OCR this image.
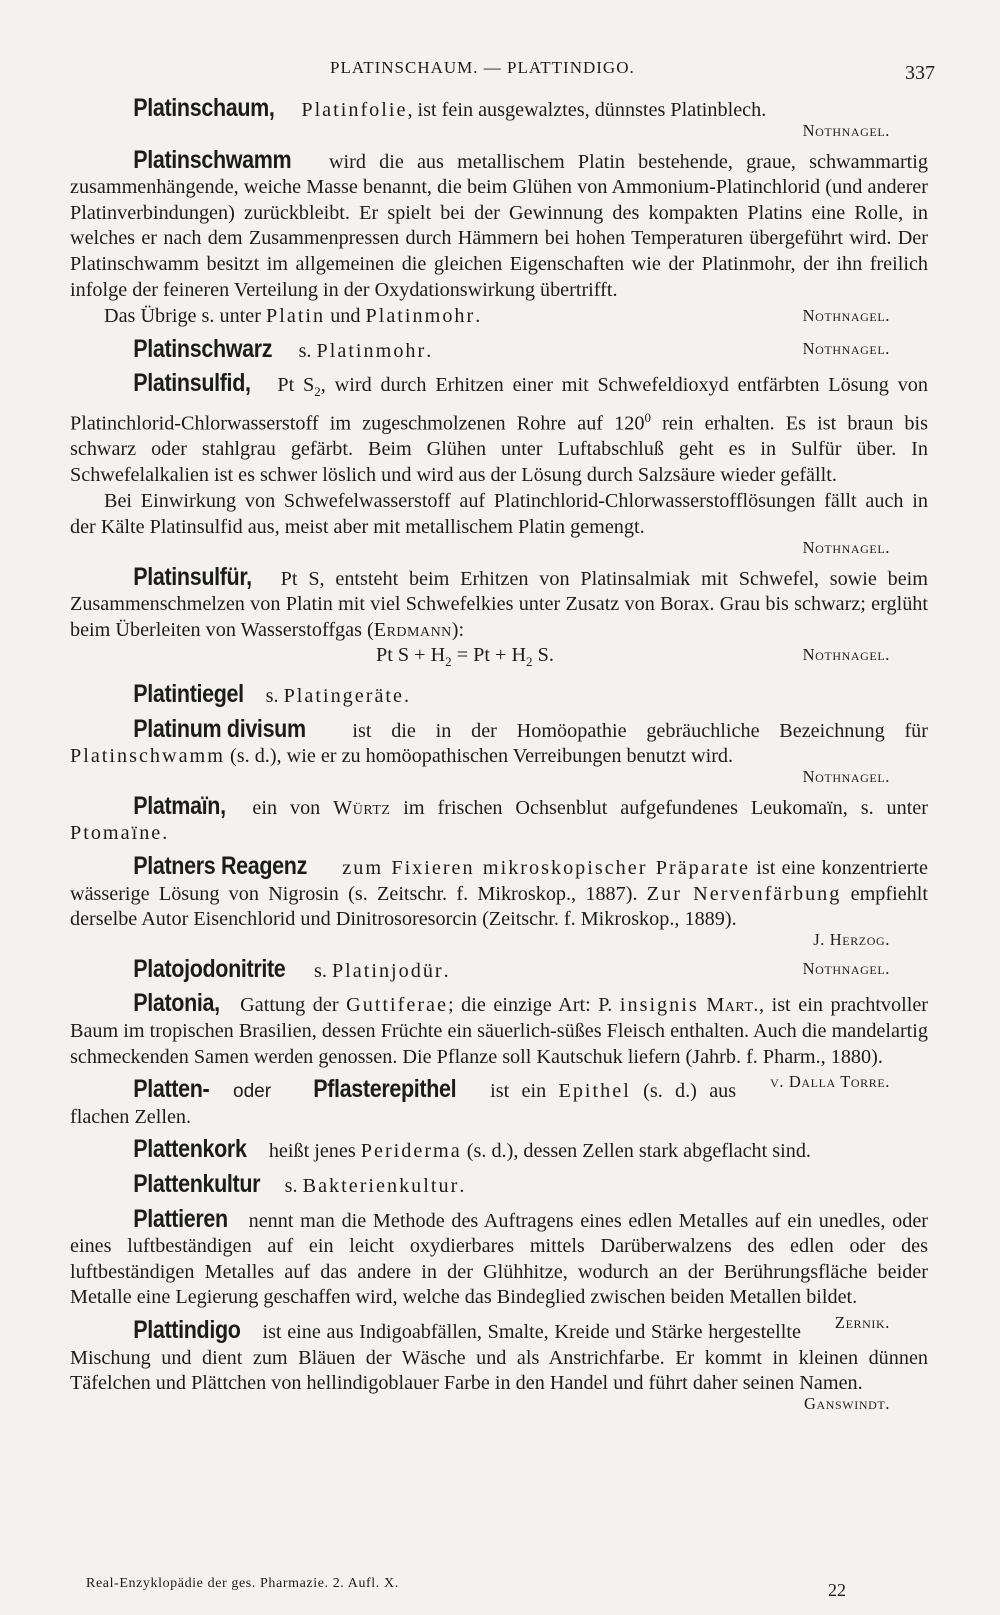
PLATINSCHAUM. — PLATTINDIGO.	337

Platinschaum, Platinfolie, ist fein ausgewalztes, dünnstes Platinblech.

Nothnagel.

Platinschwamm wird die aus metallischem Platin bestehende, graue, schwammartig zusammenhängende, weiche Masse benannt, die beim Glühen von Ammonium-Platinchlorid (und anderer Platinverbindungen) zurückbleibt. Er spielt bei der Gewinnung des kompakten Platins eine Rolle, in welches er nach dem Zusammenpressen durch Hämmern bei hohen Temperaturen übergeführt wird. Der Platinschwamm besitzt im allgemeinen die gleichen Eigenschaften wie der Platinmohr, der ihn freilich infolge der feineren Verteilung in der Oxydationswirkung übertrifft.

Das Übrige s. unter Platin und Platinmohr.	Nothnagel.

Platinschwarz s. Platinmohr.	Nothnagel.

Platinsulfid, Pt $S_2$, wird durch Erhitzen einer mit Schwefeldioxyd entfärbten Lösung von Platinchlorid-Chlorwasserstoff im zugeschmolzenen Rohre auf $120^0$ rein erhalten. Es ist braun bis schwarz oder stahlgrau gefärbt. Beim Glühen unter Luftabschluß geht es in Sulfür über. In Schwefelalkalien ist es schwer löslich und wird aus der Lösung durch Salzsäure wieder gefällt.

Bei Einwirkung von Schwefelwasserstoff auf Platinchlorid-Chlorwasserstofflösungen fällt auch in der Kälte Platinsulfid aus, meist aber mit metallischem Platin gemengt.

Nothnagel.

Platinsulfür, Pt S, entsteht beim Erhitzen von Platinsalmiak mit Schwefel, sowie beim Zusammenschmelzen von Platin mit viel Schwefelkies unter Zusatz von Borax. Grau bis schwarz; erglüht beim Überleiten von Wasserstoffgas (Erdmann):

Pt $S + H_2 = Pt + H_2$ S.	Nothnagel.

Platintiegel s. Platingeräte.

Platinum divisum ist die in der Homöopathie gebräuchliche Bezeichnung für Platinschwamm (s. d.), wie er zu homöopathischen Verreibungen benutzt wird.

Nothnagel.

Platmaïn, ein von Würtz im frischen Ochsenblut aufgefundenes Leukomaïn, s. unter Ptomaïne.

Platners Reagenz zum Fixieren mikroskopischer Präparate ist eine konzentrierte wässerige Lösung von Nigrosin (s. Zeitschr. f. Mikroskop., 1887). Zur Nervenfärbung empfiehlt derselbe Autor Eisenchlorid und Dinitrosoresorcin (Zeitschr. f. Mikroskop., 1889).

J. Herzog.

Platojodonitrite s. Platinjodür.	Nothnagel.

Platonia, Gattung der Guttiferae; die einzige Art: P. insignis Mart., ist ein prachtvoller Baum im tropischen Brasilien, dessen Früchte ein säuerlich-süßes Fleisch enthalten. Auch die mandelartig schmeckenden Samen werden genossen. Die Pflanze soll Kautschuk liefern (Jahrb. f. Pharm., 1880).
v. Dalla Torre.

Platten- oder Pflasterepithel ist ein Epithel (s. d.) aus flachen Zellen.

Plattenkork heißt jenes Periderma (s. d.), dessen Zellen stark abgeflacht sind.

Plattenkultur s. Bakterienkultur.

Plattieren nennt man die Methode des Auftragens eines edlen Metalles auf ein unedles, oder eines luftbeständigen auf ein leicht oxydierbares mittels Darüberwalzens des edlen oder des luftbeständigen Metalles auf das andere in der Glühhitze, wodurch an der Berührungsfläche beider Metalle eine Legierung geschaffen wird, welche das Bindeglied zwischen beiden Metallen bildet.
Zernik.

Plattindigo ist eine aus Indigoabfällen, Smalte, Kreide und Stärke hergestellte Mischung und dient zum Bläuen der Wäsche und als Anstrichfarbe. Er kommt in kleinen dünnen Täfelchen und Plättchen von hellindigoblauer Farbe in den Handel und führt daher seinen Namen.

Ganswindt.
Real-Enzyklopädie der ges. Pharmazie. 2. Aufl. X.	22
